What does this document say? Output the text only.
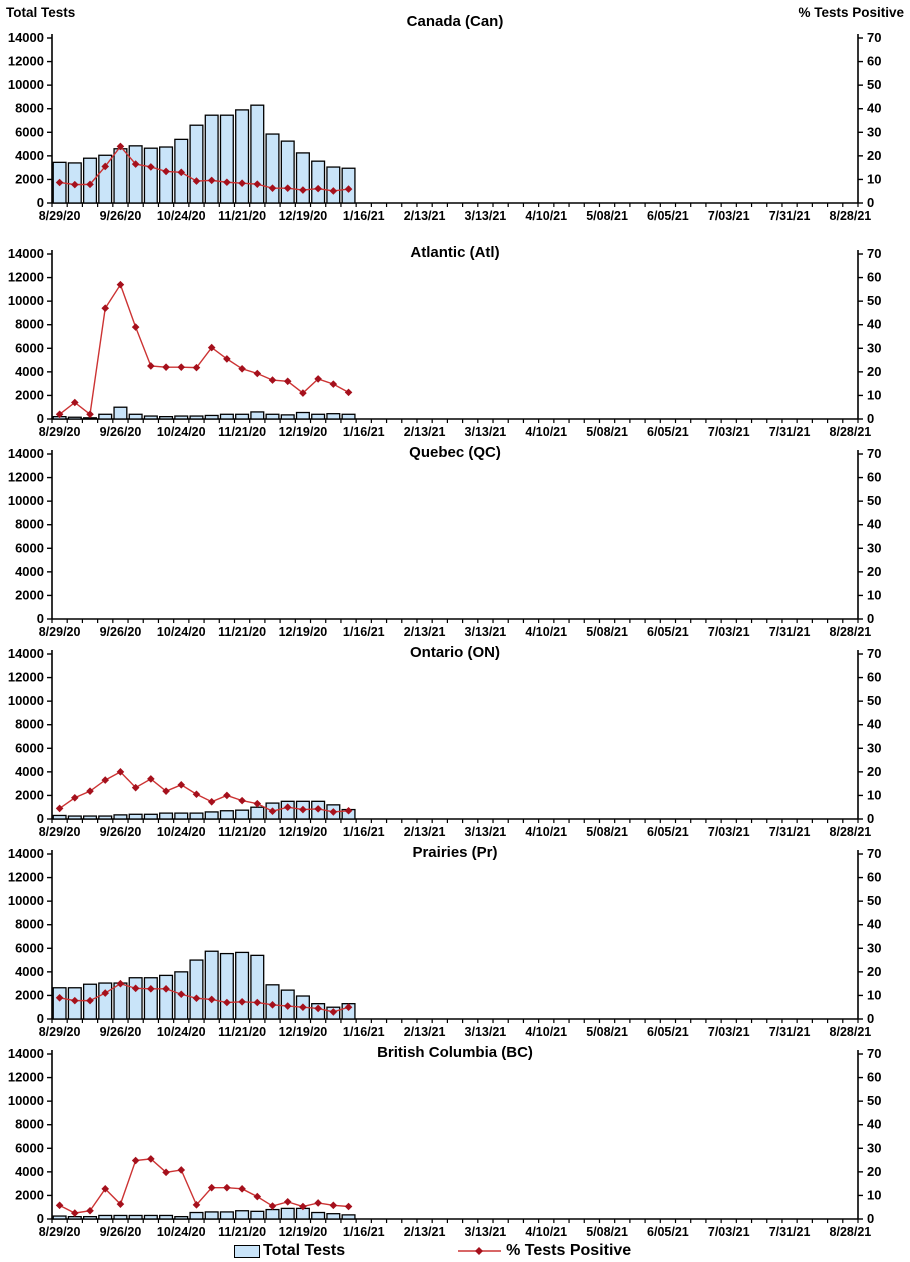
0
2000
4000
6000
8000
10000
12000
14000
0
10
20
30
40
50
60
70
8/29/20 9/26/20 10/24/20 11/21/20 12/19/20 1/16/21 2/13/21 3/13/21 4/10/21 5/08/21 6/05/21 7/03/21 7/31/21 8/28/21
Canada (Can)
Total Tests	% Tests Positive
0
2000
4000
6000
8000
10000
12000
14000
0
10
20
30
40
50
60
70
8/29/20 9/26/20 10/24/20 11/21/20 12/19/20 1/16/21 2/13/21 3/13/21 4/10/21 5/08/21 6/05/21 7/03/21 7/31/21 8/28/21
Atlantic (Atl)
0
2000
4000
6000
8000
10000
12000
14000
0
10
20
30
40
50
60
70
8/29/20 9/26/20 10/24/20 11/21/20 12/19/20 1/16/21 2/13/21 3/13/21 4/10/21 5/08/21 6/05/21 7/03/21 7/31/21 8/28/21
Quebec (QC)
0
2000
4000
6000
8000
10000
12000
14000
0
10
20
30
40
50
60
70
8/29/20 9/26/20 10/24/20 11/21/20 12/19/20 1/16/21 2/13/21 3/13/21 4/10/21 5/08/21 6/05/21 7/03/21 7/31/21 8/28/21
Ontario (ON)
0
2000
4000
6000
8000
10000
12000
14000
0
10
20
30
40
50
60
70
8/29/20 9/26/20 10/24/20 11/21/20 12/19/20 1/16/21 2/13/21 3/13/21 4/10/21 5/08/21 6/05/21 7/03/21 7/31/21 8/28/21
Prairies (Pr)
0
2000
4000
6000
8000
10000
12000
14000
0
10
20
30
40
50
60
70
8/29/20 9/26/20 10/24/20 11/21/20 12/19/20 1/16/21 2/13/21 3/13/21 4/10/21 5/08/21 6/05/21 7/03/21 7/31/21 8/28/21
British Columbia (BC)
Total Tests	% Tests Positive
